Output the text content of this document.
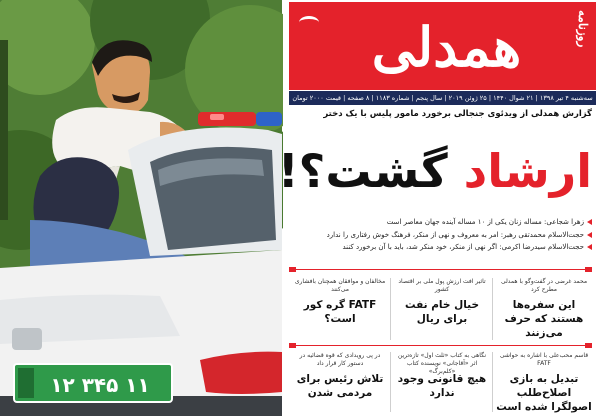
۱۲ ۳۴۵ ۱۱
همدلی	روزنامه
سه‌شنبه ۴ تیر ۱۳۹۸ | ۲۱ شوال ۱۴۴۰ | ۲۵ ژوئن ۲۰۱۹ | سال پنجم | شماره ۱۱۸۳ | ۸ صفحه | قیمت ۲۰۰۰ تومان
گزارش همدلی از ویدئوی جنجالی برخورد مامور پلیس با یک دختر
ارشاد گشت؟!
زهرا شجاعی: مساله زنان یکی از ۱۰ مساله آینده جهان معاصر است
حجت‌الاسلام محمدتقی رهبر: امر به معروف و نهی از منکر، فرهنگ خوش رفتاری را ندارد
حجت‌الاسلام سیدرضا اکرمی: اگر نهی از منکر، خود منکر شد، باید با آن برخورد کنند
محمد غرضی در گفت‌وگو با همدلی مطرح کرد
این سفره‌ها هستند که حرف می‌زنند
تاثیر افت ارزش پول ملی بر اقتصاد کشور
خیال خام نفت برای ریال
مخالفان و موافقان همچنان بافشاری می‌کنند
FATF گره کور است؟
قاسم محب‌علی با اشاره به حواشی FATF
تبدیل به بازی اصلاح‌طلب اصولگرا شده است
نگاهی به کتاب «ثلث اول» تازه‌ترین اثر «آقاجانی» نویسنده کتاب «کلم‌برگ»
هیچ قانونی وجود ندارد
در پی رویدادی که قوه قضائیه در دستور کار قرار داد
تلاش رئیس برای مردمی شدن
